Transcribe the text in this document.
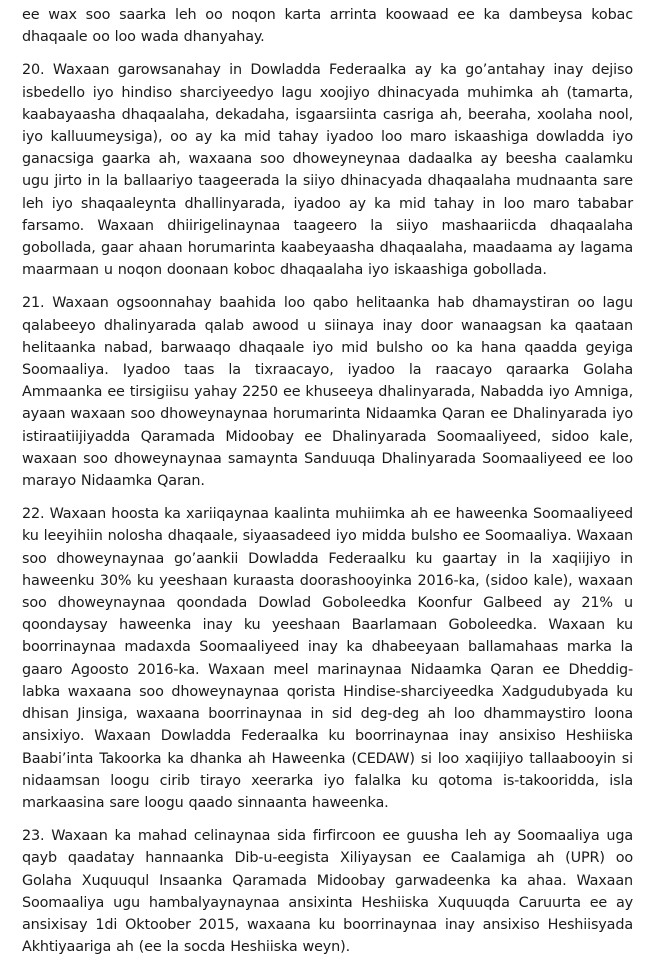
ee wax soo saarka leh oo noqon karta arrinta koowaad ee ka dambeysa kobac dhaqaale oo loo wada dhanyahay.

20. Waxaan garowsanahay in Dowladda Federaalka ay ka go’antahay inay dejiso isbedello iyo hindiso sharciyeedyo lagu xoojiyo dhinacyada muhimka ah (tamarta, kaabayaasha dhaqaalaha, dekadaha, isgaarsiinta casriga ah, beeraha, xoolaha nool, iyo kalluumeysiga), oo ay ka mid tahay iyadoo loo maro iskaashiga dowladda iyo ganacsiga gaarka ah, waxaana soo dhoweyneynaa dadaalka ay beesha caalamku ugu jirto in la ballaariyo taageerada la siiyo dhinacyada dhaqaalaha mudnaanta sare leh iyo shaqaaleynta dhallinyarada, iyadoo ay ka mid tahay in loo maro tababar farsamo. Waxaan dhiirigelinaynaa taageero la siiyo mashaariicda dhaqaalaha gobollada, gaar ahaan horumarinta kaabeyaasha dhaqaalaha, maadaama ay lagama maarmaan u noqon doonaan koboc dhaqaalaha iyo iskaashiga gobollada.

21. Waxaan ogsoonnahay baahida loo qabo helitaanka hab dhamaystiran oo lagu qalabeeyo dhalinyarada qalab awood u siinaya inay door wanaagsan ka qaataan helitaanka nabad, barwaaqo dhaqaale iyo mid bulsho oo ka hana qaadda geyiga Soomaaliya. Iyadoo taas la tixraacayo, iyadoo la raacayo qaraarka Golaha Ammaanka ee tirsigiisu yahay 2250 ee khuseeya dhalinyarada, Nabadda iyo Amniga, ayaan waxaan soo dhoweynaynaa horumarinta Nidaamka Qaran ee Dhalinyarada iyo istiraatiijiyadda Qaramada Midoobay ee Dhalinyarada Soomaaliyeed, sidoo kale, waxaan soo dhoweynaynaa samaynta Sanduuqa Dhalinyarada Soomaaliyeed ee loo marayo Nidaamka Qaran.

22. Waxaan hoosta ka xariiqaynaa kaalinta muhiimka ah ee haweenka Soomaaliyeed ku leeyihiin nolosha dhaqaale, siyaasadeed iyo midda bulsho ee Soomaaliya. Waxaan soo dhoweynaynaa go’aankii Dowladda Federaalku ku gaartay in la xaqiijiyo in haweenku 30% ku yeeshaan kuraasta doorashooyinka 2016-ka, (sidoo kale), waxaan soo dhoweynaynaa qoondada Dowlad Goboleedka Koonfur Galbeed ay 21% u qoondaysay haweenka inay ku yeeshaan Baarlamaan Goboleedka. Waxaan ku boorrinaynaa madaxda Soomaaliyeed inay ka dhabeeyaan ballamahaas marka la gaaro Agoosto 2016-ka. Waxaan meel marinaynaa Nidaamka Qaran ee Dheddig-labka waxaana soo dhoweynaynaa qorista Hindise-sharciyeedka Xadgudubyada ku dhisan Jinsiga, waxaana boorrinaynaa in sid deg-deg ah loo dhammaystiro loona ansixiyo. Waxaan Dowladda Federaalka ku boorrinaynaa inay ansixiso Heshiiska Baabi’inta Takoorka ka dhanka ah Haweenka (CEDAW) si loo xaqiijiyo tallaabooyin si nidaamsan loogu cirib tirayo xeerarka iyo falalka ku qotoma is-takooridda, isla markaasina sare loogu qaado sinnaanta haweenka.

23. Waxaan ka mahad celinaynaa sida firfircoon ee guusha leh ay Soomaaliya uga qayb qaadatay hannaanka Dib-u-eegista Xiliyaysan ee Caalamiga ah (UPR) oo Golaha Xuquuqul Insaanka Qaramada Midoobay garwadeenka ka ahaa. Waxaan Soomaaliya ugu hambalyaynaynaa ansixinta Heshiiska Xuquuqda Caruurta ee ay ansixisay 1di Oktoober 2015, waxaana ku boorrinaynaa inay ansixiso Heshiisyada Akhtiyaariga ah (ee la socda Heshiiska weyn).
